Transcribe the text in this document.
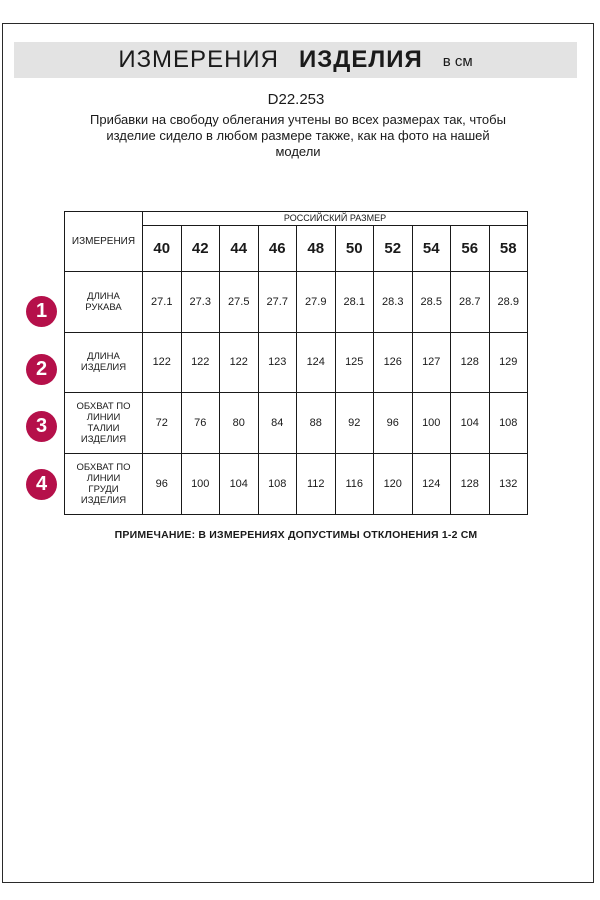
ИЗМЕРЕНИЯ ИЗДЕЛИЯ в см
D22.253
Прибавки на свободу облегания учтены во всех размерах так, чтобы
изделие сидело в любом размере также, как на фото на нашей
модели
ИЗМЕРЕНИЯ	РОССИЙСКИЙ РАЗМЕР									
	40	42	44	46	48	50	52	54	56	58

ДЛИНА
РУКАВА	27.1	27.3	27.5	27.7	27.9	28.1	28.3	28.5	28.7	28.9

ДЛИНА
ИЗДЕЛИЯ	122	122	122	123	124	125	126	127	128	129

ОБХВАТ ПО
ЛИНИИ
ТАЛИИ
ИЗДЕЛИЯ	72	76	80	84	88	92	96	100	104	108

ОБХВАТ ПО
ЛИНИИ
ГРУДИ
ИЗДЕЛИЯ	96	100	104	108	112	116	120	124	128	132
1
2
3
4
ПРИМЕЧАНИЕ: В ИЗМЕРЕНИЯХ ДОПУСТИМЫ ОТКЛОНЕНИЯ 1-2 СМ
